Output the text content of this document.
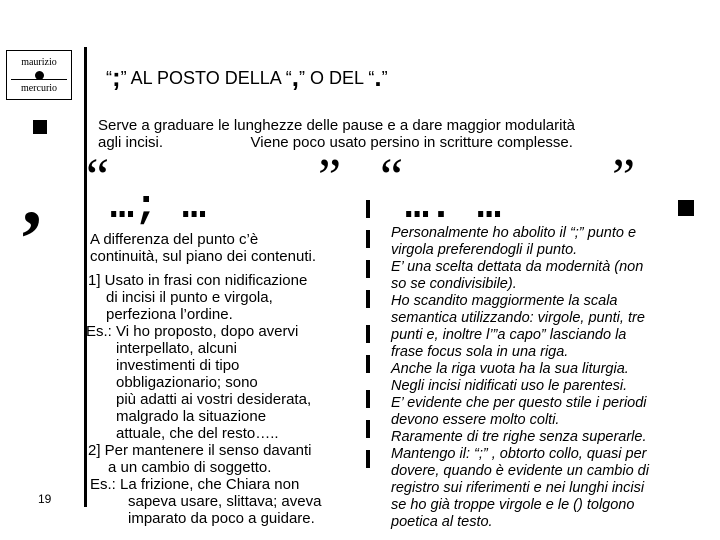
maurizio
mercurio
,
19
“;” AL POSTO DELLA “,” O DEL “.”
Serve a graduare le lunghezze delle pause e a dare maggior modularità
agli incisi.                     Viene poco usato persino in scritture complesse.
“
…; …
” “
…. …
”

A differenza del punto c’è

continuità, sul piano dei contenuti.

1] Usato in frasi con nidificazione

di incisi il punto e virgola,

perfeziona l’ordine.

Es.: Vi ho proposto, dopo avervi

interpellato, alcuni

investimenti di tipo

obbligazionario; sono

più adatti ai vostri desiderata,

malgrado la situazione

attuale, che del resto…..

2] Per mantenere il senso davanti

a un cambio di soggetto.

Es.: La frizione, che Chiara non

sapeva usare, slittava; aveva

imparato da poco a guidare.

Personalmente ho abolito il “;” punto e

virgola preferendogli il punto.

E’ una scelta dettata da modernità (non

so se condivisibile).

Ho scandito maggiormente la scala

semantica utilizzando: virgole, punti, tre

punti e, inoltre l’”a capo” lasciando la

frase focus sola in una riga.

Anche la riga vuota ha la sua liturgia.

Negli incisi nidificati uso le parentesi.

E’ evidente che per questo stile i periodi

devono essere molto colti.

Raramente di tre righe senza superarle.

Mantengo il: “;” , obtorto collo, quasi per

dovere, quando è evidente un cambio di

registro sui riferimenti e nei lunghi incisi

se ho già troppe virgole e le () tolgono

poetica al testo.
